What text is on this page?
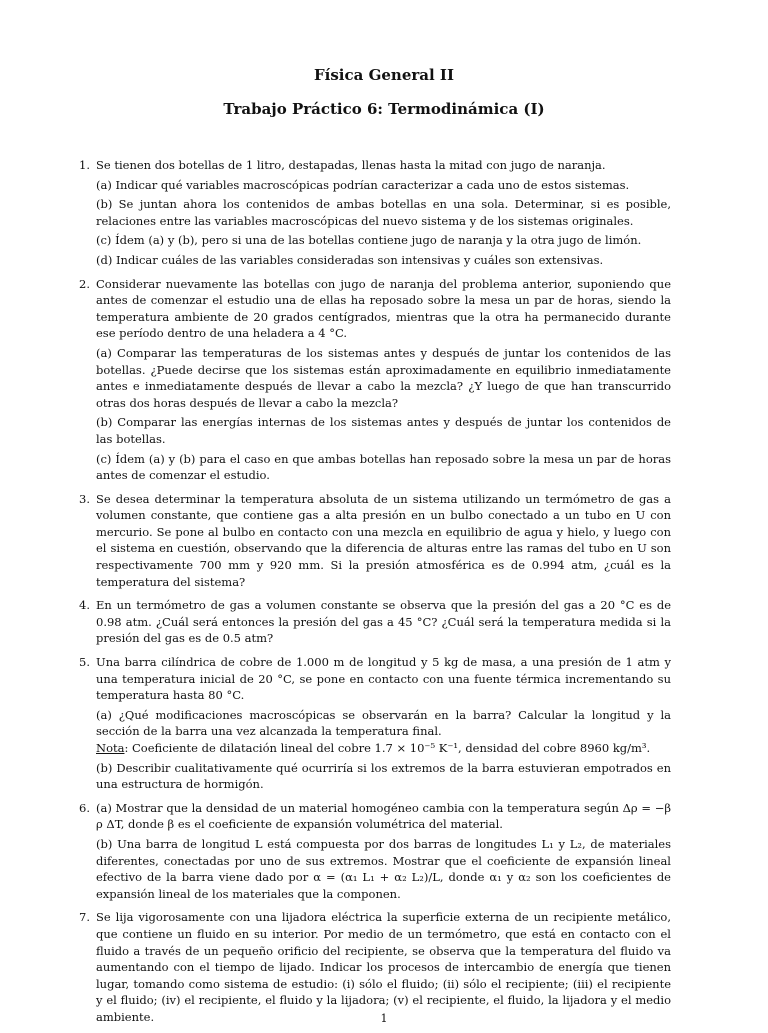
Física General II
Trabajo Práctico 6: Termodinámica (I)
1. Se tienen dos botellas de 1 litro, destapadas, llenas hasta la mitad con jugo de naranja.

(a) Indicar qué variables macroscópicas podrían caracterizar a cada uno de estos sistemas.

(b) Se juntan ahora los contenidos de ambas botellas en una sola. Determinar, si es posible, relaciones entre las variables macroscópicas del nuevo sistema y de los sistemas originales.

(c) Ídem (a) y (b), pero si una de las botellas contiene jugo de naranja y la otra jugo de limón.

(d) Indicar cuáles de las variables consideradas son intensivas y cuáles son extensivas.

2. Considerar nuevamente las botellas con jugo de naranja del problema anterior, suponiendo que antes de comenzar el estudio una de ellas ha reposado sobre la mesa un par de horas, siendo la temperatura ambiente de 20 grados centígrados, mientras que la otra ha permanecido durante ese período dentro de una heladera a 4 °C.

(a) Comparar las temperaturas de los sistemas antes y después de juntar los contenidos de las botellas. ¿Puede decirse que los sistemas están aproximadamente en equilibrio inmediatamente antes e inmediatamente después de llevar a cabo la mezcla? ¿Y luego de que han transcurrido otras dos horas después de llevar a cabo la mezcla?

(b) Comparar las energías internas de los sistemas antes y después de juntar los contenidos de las botellas.

(c) Ídem (a) y (b) para el caso en que ambas botellas han reposado sobre la mesa un par de horas antes de comenzar el estudio.

3. Se desea determinar la temperatura absoluta de un sistema utilizando un termómetro de gas a volumen constante, que contiene gas a alta presión en un bulbo conectado a un tubo en U con mercurio. Se pone al bulbo en contacto con una mezcla en equilibrio de agua y hielo, y luego con el sistema en cuestión, observando que la diferencia de alturas entre las ramas del tubo en U son respectivamente 700 mm y 920 mm. Si la presión atmosférica es de 0.994 atm, ¿cuál es la temperatura del sistema?

4. En un termómetro de gas a volumen constante se observa que la presión del gas a 20 °C es de 0.98 atm. ¿Cuál será entonces la presión del gas a 45 °C? ¿Cuál será la temperatura medida si la presión del gas es de 0.5 atm?

5. Una barra cilíndrica de cobre de 1.000 m de longitud y 5 kg de masa, a una presión de 1 atm y una temperatura inicial de 20 °C, se pone en contacto con una fuente térmica incrementando su temperatura hasta 80 °C.

(a) ¿Qué modificaciones macroscópicas se observarán en la barra? Calcular la longitud y la sección de la barra una vez alcanzada la temperatura final.
Nota: Coeficiente de dilatación lineal del cobre 1.7 × 10⁻⁵ K⁻¹, densidad del cobre 8960 kg/m³.

(b) Describir cualitativamente qué ocurriría si los extremos de la barra estuvieran empotrados en una estructura de hormigón.

6. (a) Mostrar que la densidad de un material homogéneo cambia con la temperatura según Δρ = −β ρ ΔT, donde β es el coeficiente de expansión volumétrica del material.

(b) Una barra de longitud L está compuesta por dos barras de longitudes L₁ y L₂, de materiales diferentes, conectadas por uno de sus extremos. Mostrar que el coeficiente de expansión lineal efectivo de la barra viene dado por α = (α₁ L₁ + α₂ L₂)/L, donde α₁ y α₂ son los coeficientes de expansión lineal de los materiales que la componen.

7. Se lija vigorosamente con una lijadora eléctrica la superficie externa de un recipiente metálico, que contiene un fluido en su interior. Por medio de un termómetro, que está en contacto con el fluido a través de un pequeño orificio del recipiente, se observa que la temperatura del fluido va aumentando con el tiempo de lijado. Indicar los procesos de intercambio de energía que tienen lugar, tomando como sistema de estudio: (i) sólo el fluido; (ii) sólo el recipiente; (iii) el recipiente y el fluido; (iv) el recipiente, el fluido y la lijadora; (v) el recipiente, el fluido, la lijadora y el medio ambiente.	1
